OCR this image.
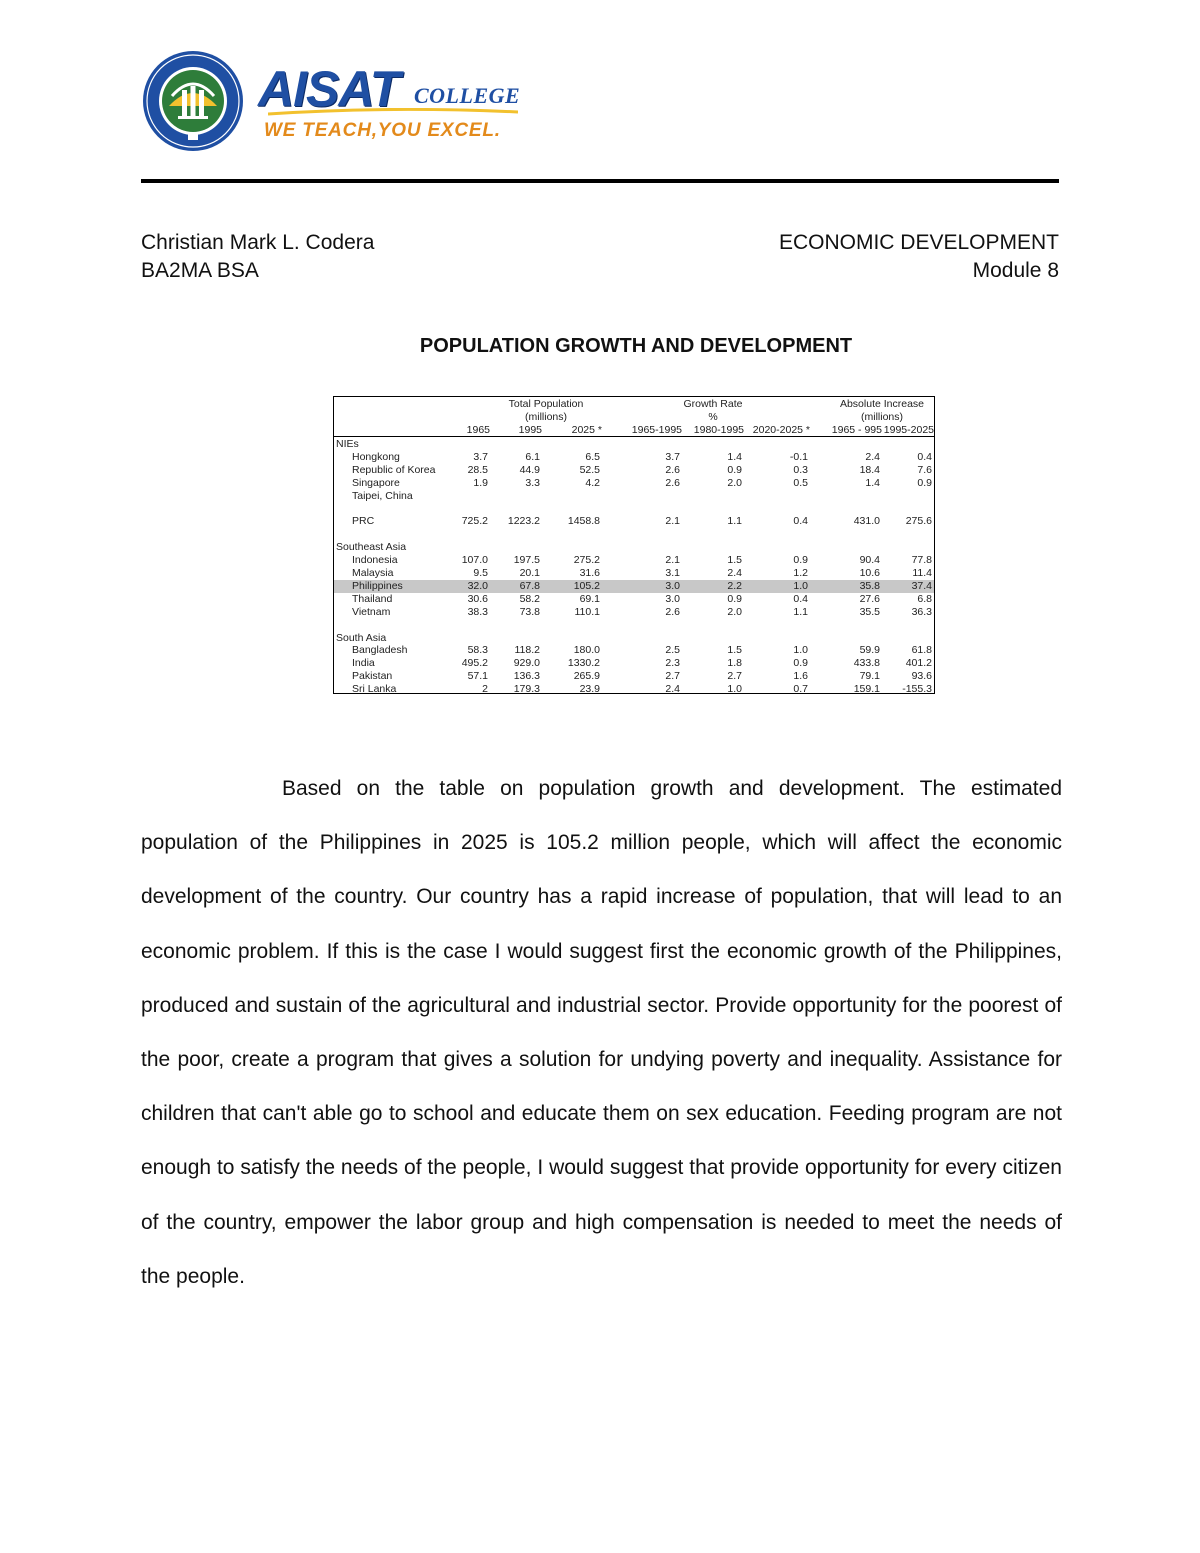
AISAT COLLEGE
WE TEACH,YOU EXCEL.
Christian Mark L. Codera
BA2MA BSA
ECONOMIC DEVELOPMENT
Module 8
POPULATION GROWTH AND DEVELOPMENT
Total Population
(millions)
Growth Rate
%
Absolute Increase
(millions)
1965	1995	2025 *	1965-1995	1980-1995 2020-2025 *	1965 - 995 1995-2025
NIEs
Hongkong	3.7	6.1	6.5	3.7	1.4	-0.1	2.4	0.4
Republic of Korea	28.5	44.9	52.5	2.6	0.9	0.3	18.4	7.6
Singapore	1.9	3.3	4.2	2.6	2.0	0.5	1.4	0.9
Taipei, China
PRC	725.2 1223.2	1458.8	2.1	1.1	0.4	431.0 275.6
Southeast Asia
Indonesia	107.0 197.5	275.2	2.1	1.5	0.9	90.4	77.8
Malaysia	9.5	20.1	31.6	3.1	2.4	1.2	10.6	11.4
Philippines	32.0	67.8	105.2	3.0	2.2	1.0	35.8	37.4
Thailand	30.6	58.2	69.1	3.0	0.9	0.4	27.6	6.8
Vietnam	38.3	73.8	110.1	2.6	2.0	1.1	35.5	36.3
South Asia
Bangladesh	58.3	118.2	180.0	2.5	1.5	1.0	59.9	61.8
India	495.2 929.0	1330.2	2.3	1.8	0.9	433.8 401.2
Pakistan	57.1 136.3	265.9	2.7	2.7	1.6	79.1	93.6
Sri Lanka	2 179.3	23.9	2.4	1.0	0.7	159.1 -155.3
Based on the table on population growth and development. The estimated population of the Philippines in 2025 is 105.2 million people, which will affect the economic development of the country. Our country has a rapid increase of population, that will lead to an economic problem. If this is the case I would suggest first the economic growth of the Philippines, produced and sustain of the agricultural and industrial sector. Provide opportunity for the poorest of the poor, create a program that gives a solution for undying poverty and inequality. Assistance for children that can't able go to school and educate them on sex education. Feeding program are not enough to satisfy the needs of the people, I would suggest that provide opportunity for every citizen of the country, empower the labor group and high compensation is needed to meet the needs of the people.
